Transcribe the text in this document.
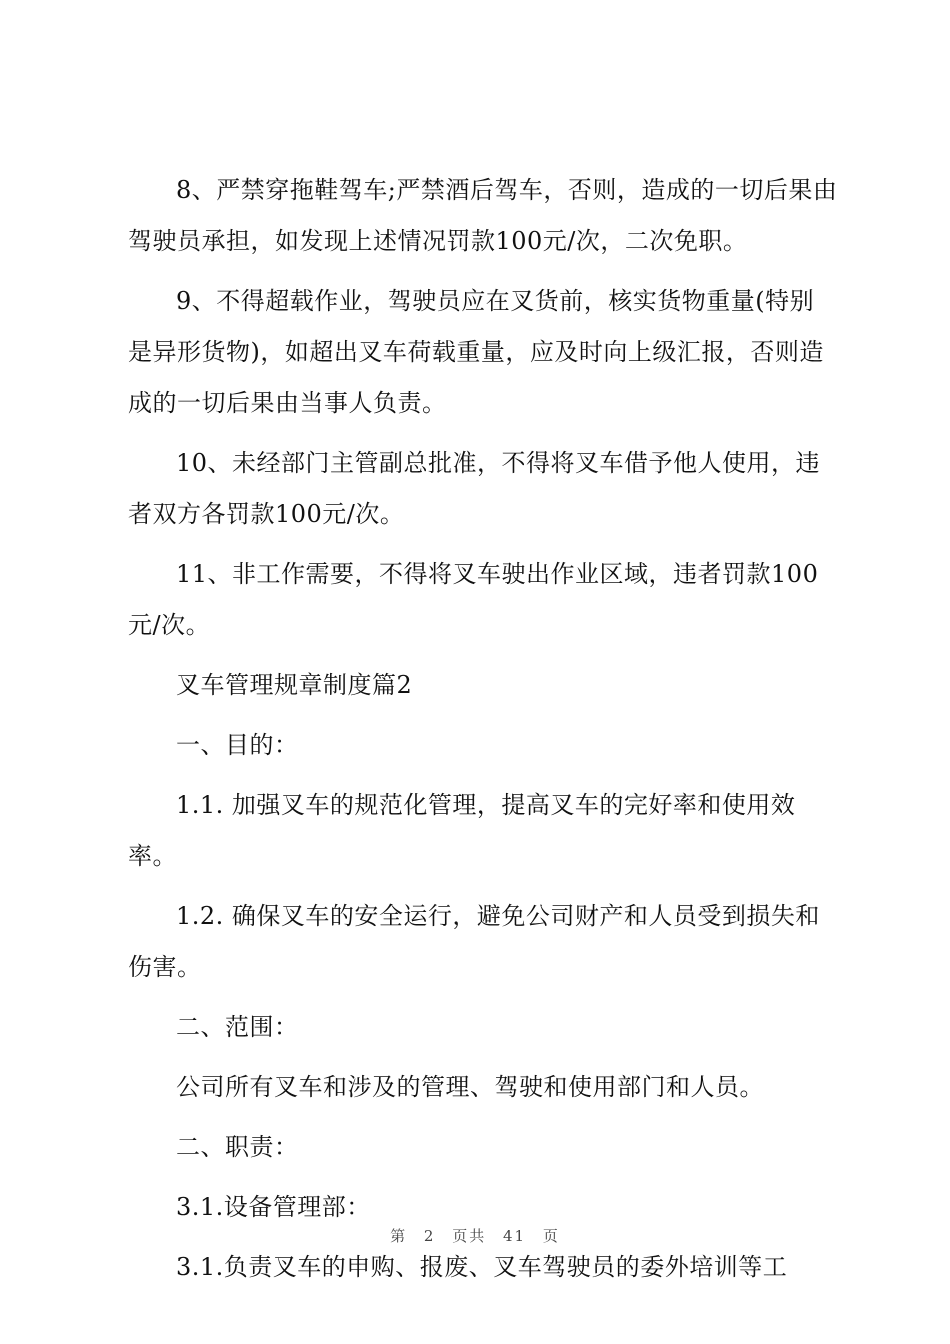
8、严禁穿拖鞋驾车;严禁酒后驾车，否则，造成的一切后果由驾驶员承担，如发现上述情况罚款100元/次，二次免职。

9、不得超载作业，驾驶员应在叉货前，核实货物重量(特别是异形货物)，如超出叉车荷载重量，应及时向上级汇报，否则造成的一切后果由当事人负责。

10、未经部门主管副总批准，不得将叉车借予他人使用，违者双方各罚款100元/次。

11、非工作需要，不得将叉车驶出作业区域，违者罚款100元/次。

叉车管理规章制度篇2

一、目的：

1.1. 加强叉车的规范化管理，提高叉车的完好率和使用效率。

1.2. 确保叉车的安全运行，避免公司财产和人员受到损失和伤害。

二、范围：

公司所有叉车和涉及的管理、驾驶和使用部门和人员。

二、职责：

3.1.设备管理部：

3.1.负责叉车的申购、报废、叉车驾驶员的委外培训等工

第 2 页共 41 页
